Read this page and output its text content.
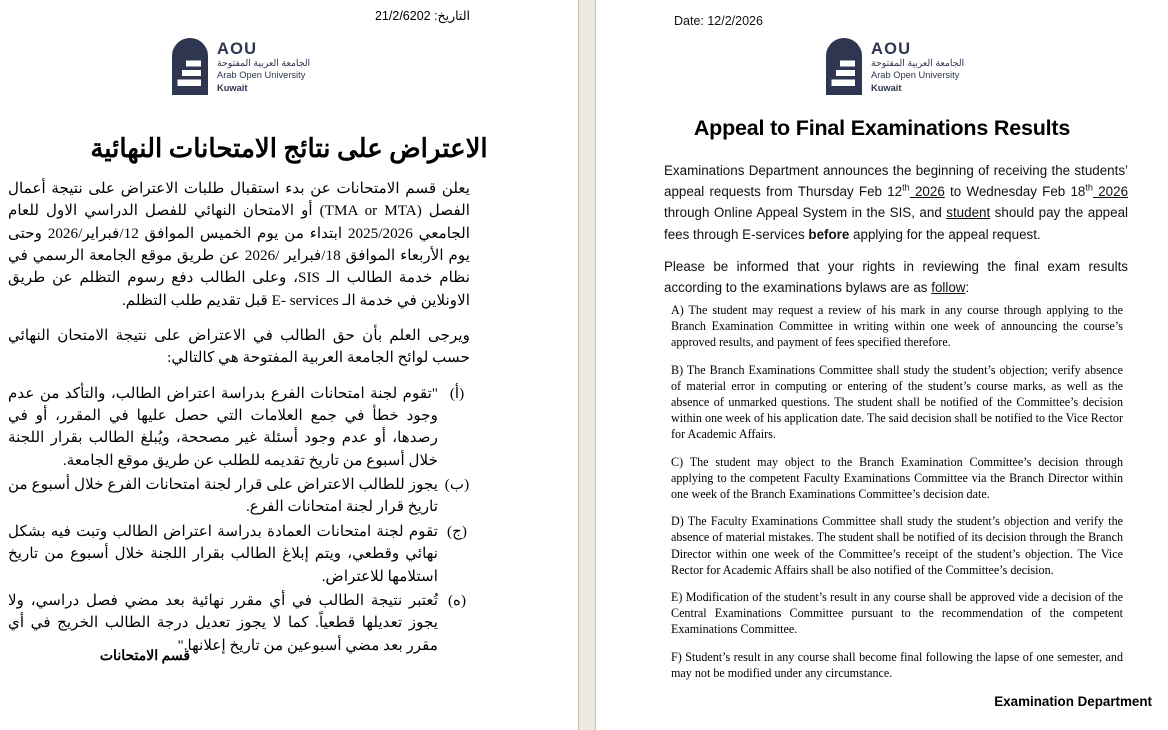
التاريخ: 2026/2/12
AOU
الجامعة العربية المفتوحة
Arab Open University
Kuwait
الاعتراض على نتائج الامتحانات النهائية

يعلن قسم الامتحانات عن بدء استقبال طلبات الاعتراض على نتيجة أعمال الفصل (TMA or MTA) أو الامتحان النهائي للفصل الدراسي الاول للعام الجامعي 2025/2026 ابتداء من يوم الخميس الموافق 12/فبراير/2026 وحتى يوم الأربعاء الموافق 18/فبراير /2026 عن طريق موقع الجامعة الرسمي في نظام خدمة الطالب الـ SIS، وعلى الطالب دفع رسوم التظلم عن طريق الاونلاين في خدمة الـ E- services قبل تقديم طلب التظلم.

ويرجى العلم بأن حق الطالب في الاعتراض على نتيجة الامتحان النهائي حسب لوائح الجامعة العربية المفتوحة هي كالتالي:

(أ)
"تقوم لجنة امتحانات الفرع بدراسة اعتراض الطالب، والتأكد من عدم وجود خطأ في جمع العلامات التي حصل عليها في المقرر، أو في رصدها، أو عدم وجود أسئلة غير مصححة، ويُبلغ الطالب بقرار اللجنة خلال أسبوع من تاريخ تقديمه للطلب عن طريق موقع الجامعة.
(ب)
يجوز للطالب الاعتراض على قرار لجنة امتحانات الفرع خلال أسبوع من تاريخ قرار لجنة امتحانات الفرع.
(ج)
تقوم لجنة امتحانات العمادة بدراسة اعتراض الطالب وتبت فيه بشكل نهائي وقطعي، ويتم إبلاغ الطالب بقرار اللجنة خلال أسبوع من تاريخ استلامها للاعتراض.
(ه)
تُعتبر نتيجة الطالب في أي مقرر نهائية بعد مضي فصل دراسي، ولا يجوز تعديلها قطعياً. كما لا يجوز تعديل درجة الطالب الخريج في أي مقرر بعد مضي أسبوعين من تاريخ إعلانها."
قسم الامتحانات
Date: 12/2/2026
AOU
الجامعة العربية المفتوحة
Arab Open University
Kuwait
Appeal to Final Examinations Results

Examinations Department announces the beginning of receiving the students’ appeal requests from Thursday Feb 12th 2026 to Wednesday Feb 18th 2026 through Online Appeal System in the SIS, and student should pay the appeal fees through E-services before applying for the appeal request.

Please be informed that your rights in reviewing the final exam results according to the examinations bylaws are as follow:

A) The student may request a review of his mark in any course through applying to the Branch Examination Committee in writing within one week of announcing the course’s approved results, and payment of fees specified therefore.

B) The Branch Examinations Committee shall study the student’s objection; verify absence of material error in computing or entering of the student’s course marks, as well as the absence of unmarked questions. The student shall be notified of the Committee’s decision within one week of his application date. The said decision shall be notified to the Vice Rector for Academic Affairs.

C) The student may object to the Branch Examination Committee’s decision through applying to the competent Faculty Examinations Committee via the Branch Director within one week of the Branch Examinations Committee’s decision date.

D) The Faculty Examinations Committee shall study the student’s objection and verify the absence of material mistakes. The student shall be notified of its decision through the Branch Director within one week of the Committee’s receipt of the student’s objection. The Vice Rector for Academic Affairs shall be also notified of the Committee’s decision.

E) Modification of the student’s result in any course shall be approved vide a decision of the Central Examinations Committee pursuant to the recommendation of the competent Examinations Committee.

F) Student’s result in any course shall become final following the lapse of one semester, and may not be modified under any circumstance.

Examination Department
